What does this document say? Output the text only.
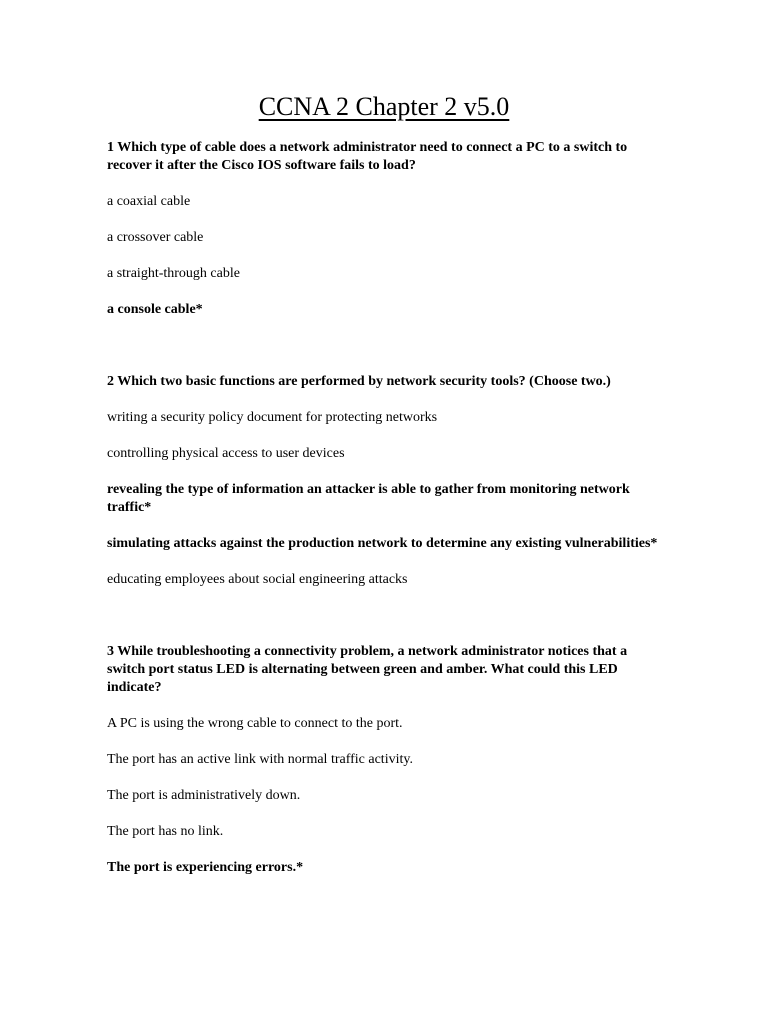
CCNA 2 Chapter 2 v5.0

1 Which type of cable does a network administrator need to connect a PC to a switch to recover it after the Cisco IOS software fails to load?

a coaxial cable

a crossover cable

a straight-through cable

a console cable*

2 Which two basic functions are performed by network security tools? (Choose two.)

writing a security policy document for protecting networks

controlling physical access to user devices

revealing the type of information an attacker is able to gather from monitoring network traffic*

simulating attacks against the production network to determine any existing vulnerabilities*

educating employees about social engineering attacks

3 While troubleshooting a connectivity problem, a network administrator notices that a switch port status LED is alternating between green and amber. What could this LED indicate?

A PC is using the wrong cable to connect to the port.

The port has an active link with normal traffic activity.

The port is administratively down.

The port has no link.

The port is experiencing errors.*
